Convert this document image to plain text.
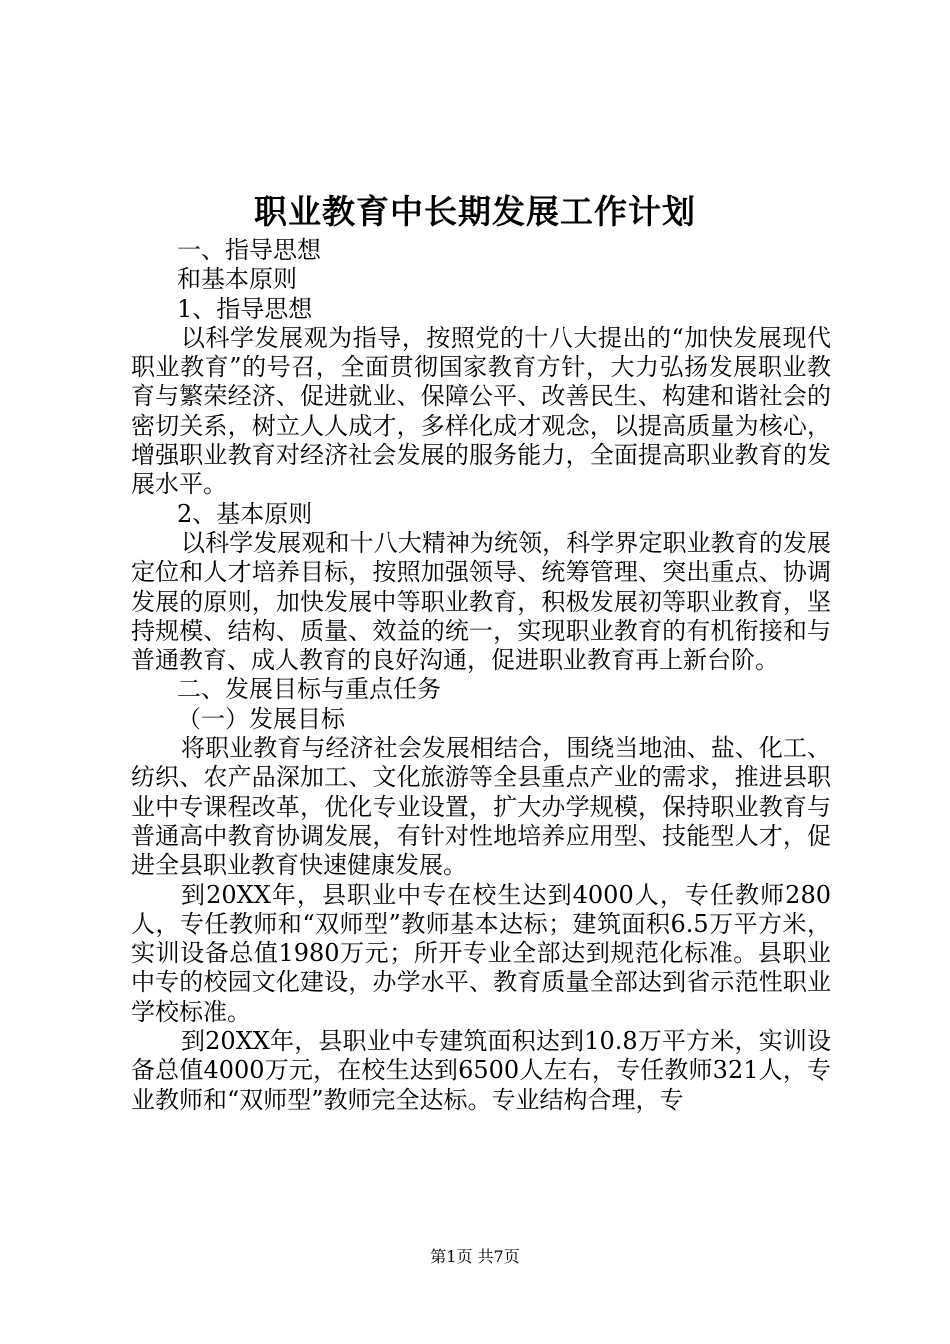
职业教育中长期发展工作计划

一、指导思想

和基本原则

1、指导思想

以科学发展观为指导，按照党的十八大提出的“加快发展现代职业教育”的号召，全面贯彻国家教育方针，大力弘扬发展职业教育与繁荣经济、促进就业、保障公平、改善民生、构建和谐社会的密切关系，树立人人成才，多样化成才观念，以提高质量为核心，增强职业教育对经济社会发展的服务能力，全面提高职业教育的发展水平。

2、基本原则

以科学发展观和十八大精神为统领，科学界定职业教育的发展定位和人才培养目标，按照加强领导、统筹管理、突出重点、协调发展的原则，加快发展中等职业教育，积极发展初等职业教育，坚持规模、结构、质量、效益的统一，实现职业教育的有机衔接和与普通教育、成人教育的良好沟通，促进职业教育再上新台阶。

二、发展目标与重点任务

（一）发展目标

将职业教育与经济社会发展相结合，围绕当地油、盐、化工、纺织、农产品深加工、文化旅游等全县重点产业的需求，推进县职业中专课程改革，优化专业设置，扩大办学规模，保持职业教育与普通高中教育协调发展，有针对性地培养应用型、技能型人才，促进全县职业教育快速健康发展。

到20XX年，县职业中专在校生达到4000人，专任教师280人，专任教师和“双师型”教师基本达标；建筑面积6.5万平方米，实训设备总值1980万元；所开专业全部达到规范化标准。县职业中专的校园文化建设，办学水平、教育质量全部达到省示范性职业学校标准。

到20XX年，县职业中专建筑面积达到10.8万平方米，实训设备总值4000万元，在校生达到6500人左右，专任教师321人，专业教师和“双师型”教师完全达标。专业结构合理，专

第1页 共7页
